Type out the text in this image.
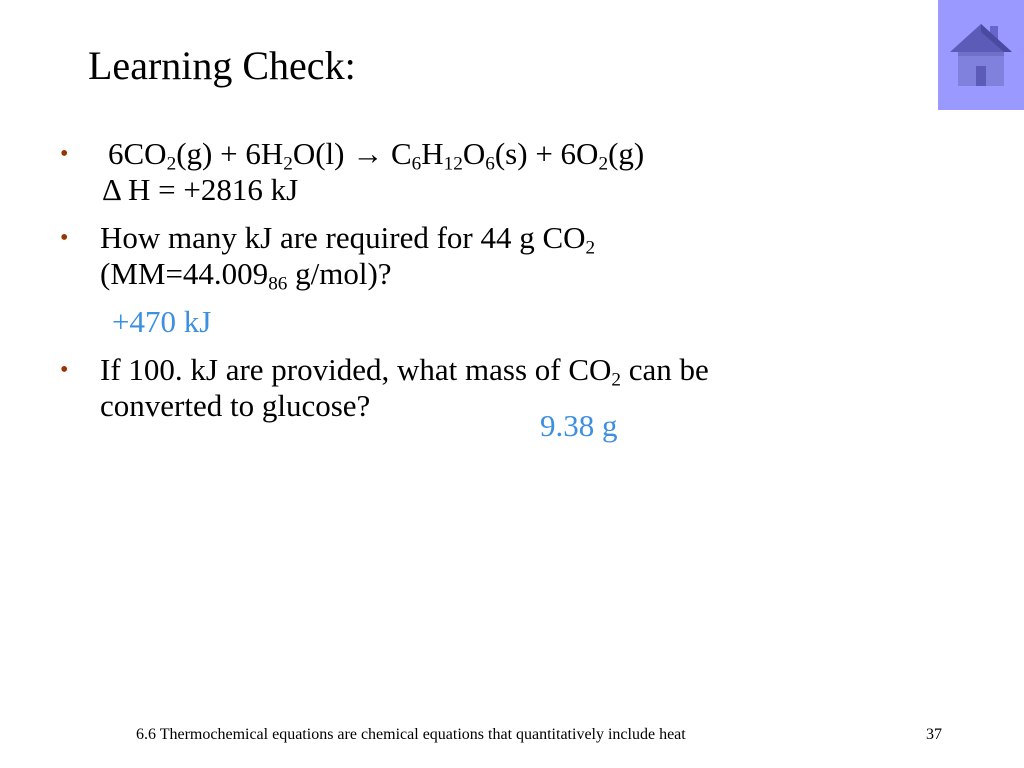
Learning Check:
• $6CO_2(g) + 6H_2O(l) \to C_6H_{12}O_6(s) + 6O_2(g)$
Δ H = +2816 kJ
• How many kJ are required for 44 g $CO_2$
($MM=44.009_{86}$ g/mol)?
+470 kJ
• If 100. kJ are provided, what mass of $CO_2$ can be
converted to glucose?
9.38 g
6.6 Thermochemical equations are chemical equations that quantitatively include heat	37
